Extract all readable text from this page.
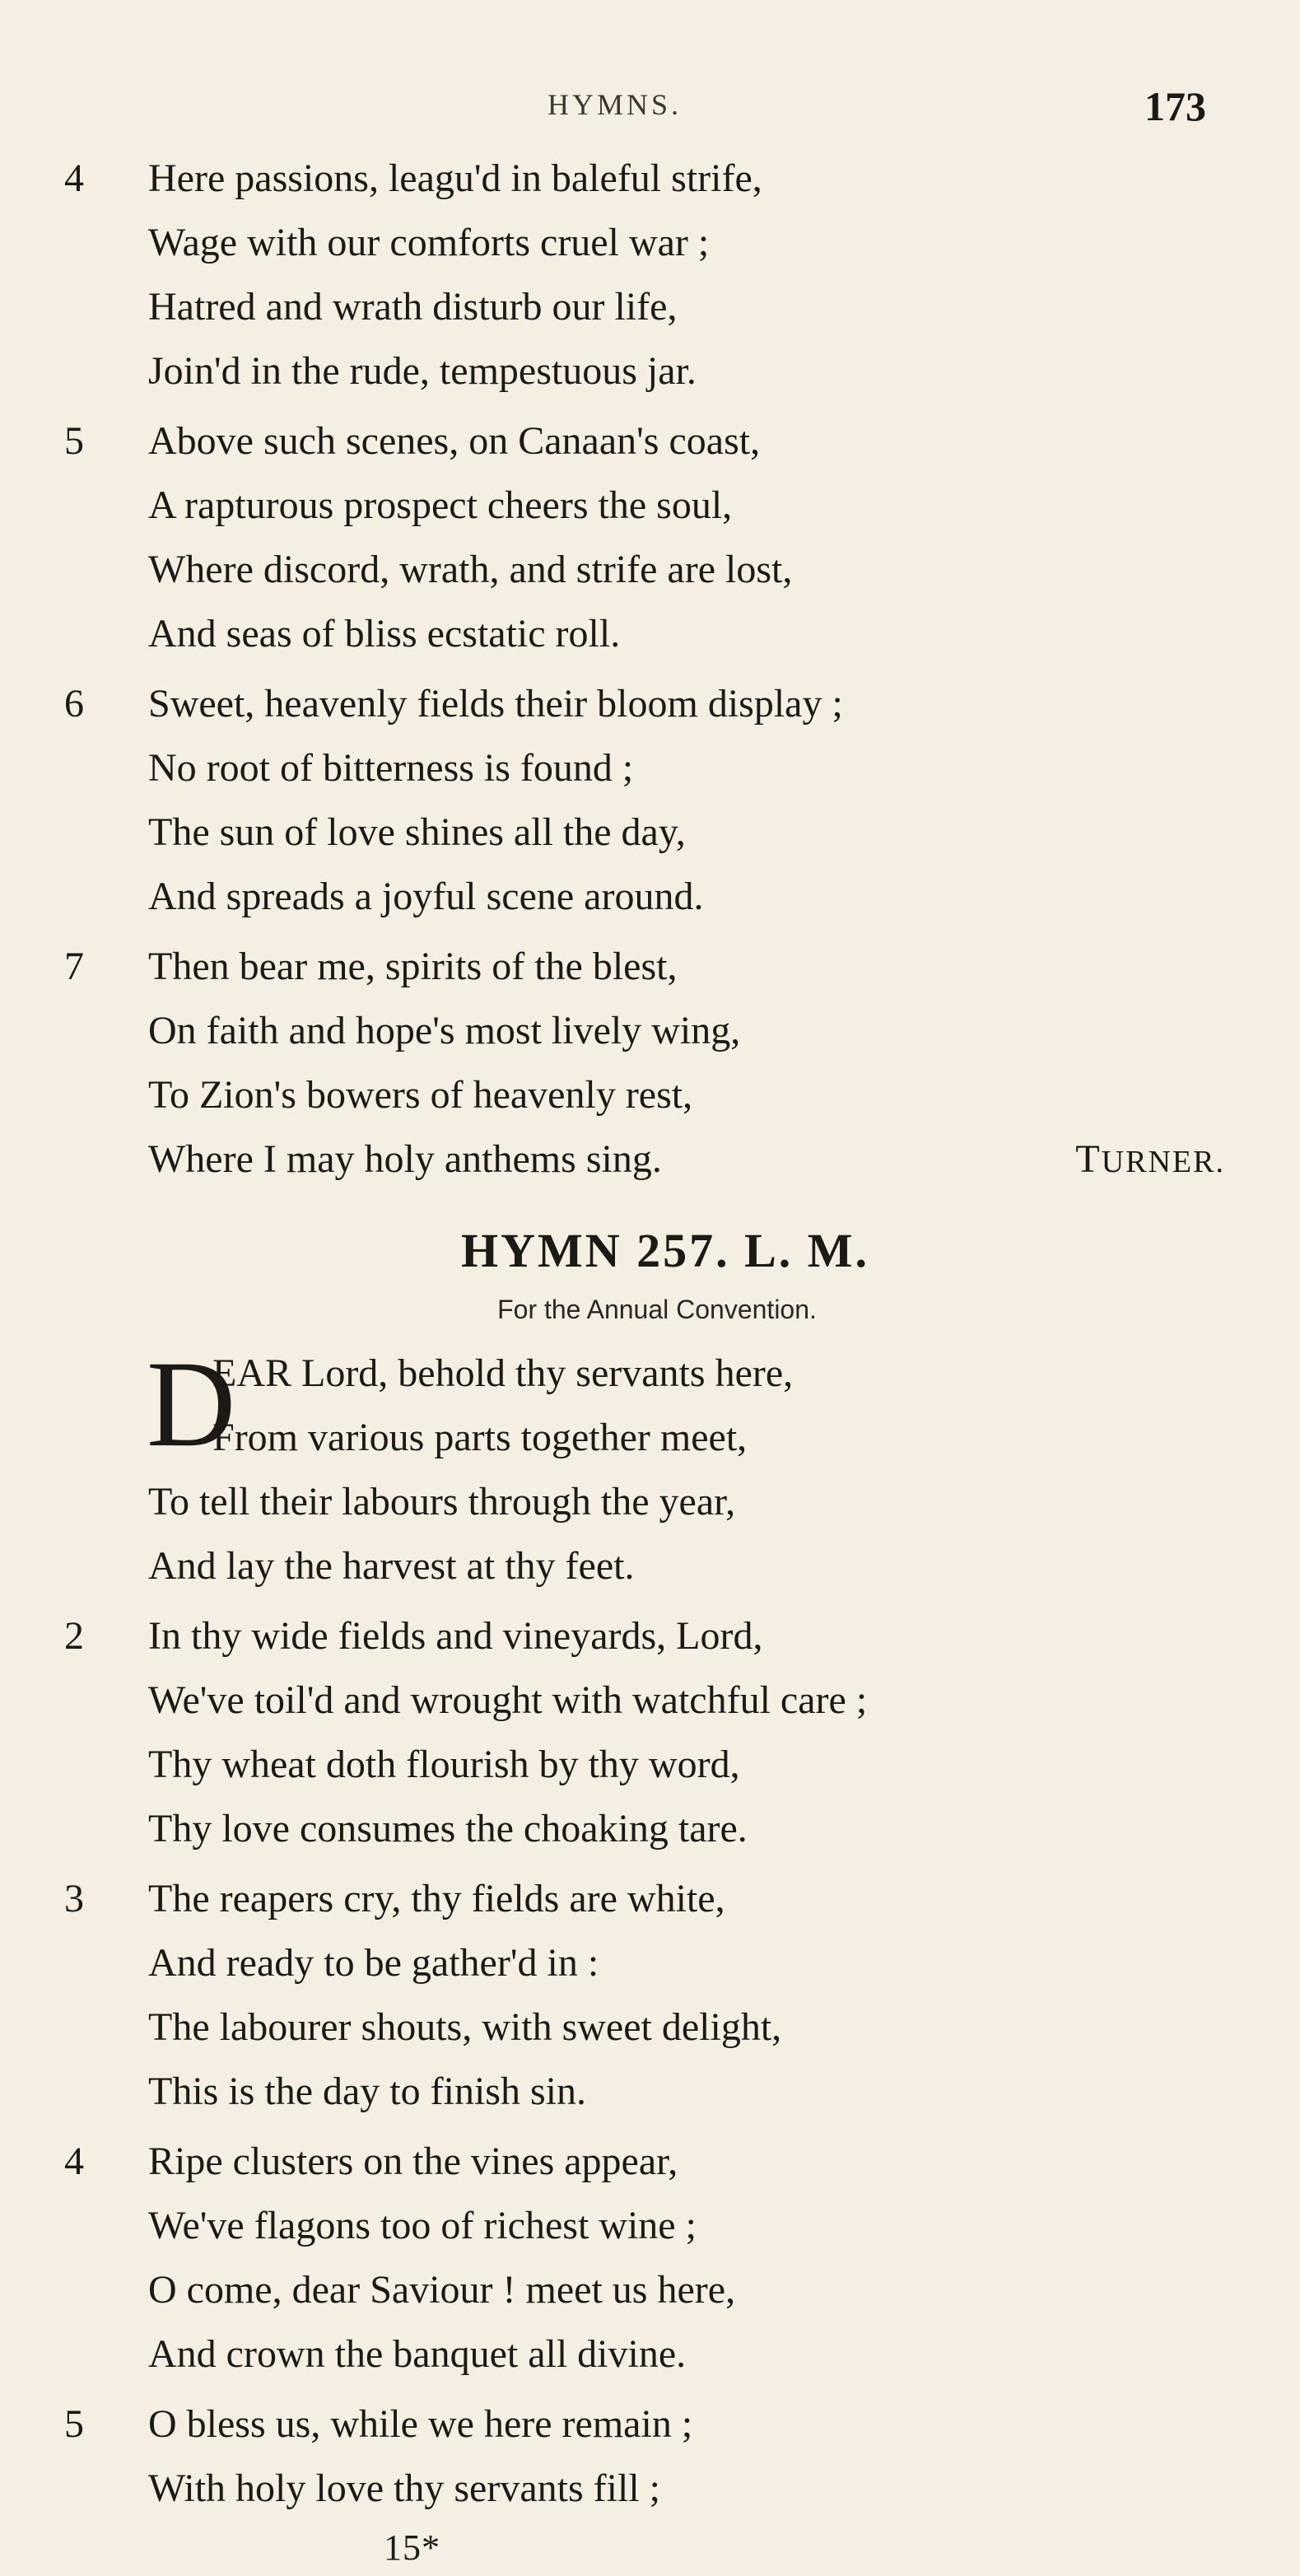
HYMNS.	173
4 Here passions, leagu'd in baleful strife,
Wage with our comforts cruel war ;
Hatred and wrath disturb our life,
Join'd in the rude, tempestuous jar.
5 Above such scenes, on Canaan's coast,
A rapturous prospect cheers the soul,
Where discord, wrath, and strife are lost,
And seas of bliss ecstatic roll.
6 Sweet, heavenly fields their bloom display ;
No root of bitterness is found ;
The sun of love shines all the day,
And spreads a joyful scene around.
7 Then bear me, spirits of the blest,
On faith and hope's most lively wing,
To Zion's bowers of heavenly rest,
Where I may holy anthems sing.	TURNER.
HYMN 257. L. M.
For the Annual Convention.
D
EAR Lord, behold thy servants here,
From various parts together meet,
To tell their labours through the year,
And lay the harvest at thy feet.
2 In thy wide fields and vineyards, Lord,
We've toil'd and wrought with watchful care ;
Thy wheat doth flourish by thy word,
Thy love consumes the choaking tare.
3 The reapers cry, thy fields are white,
And ready to be gather'd in :
The labourer shouts, with sweet delight,
This is the day to finish sin.
4 Ripe clusters on the vines appear,
We've flagons too of richest wine ;
O come, dear Saviour ! meet us here,
And crown the banquet all divine.
5 O bless us, while we here remain ;
With holy love thy servants fill ;
15*
